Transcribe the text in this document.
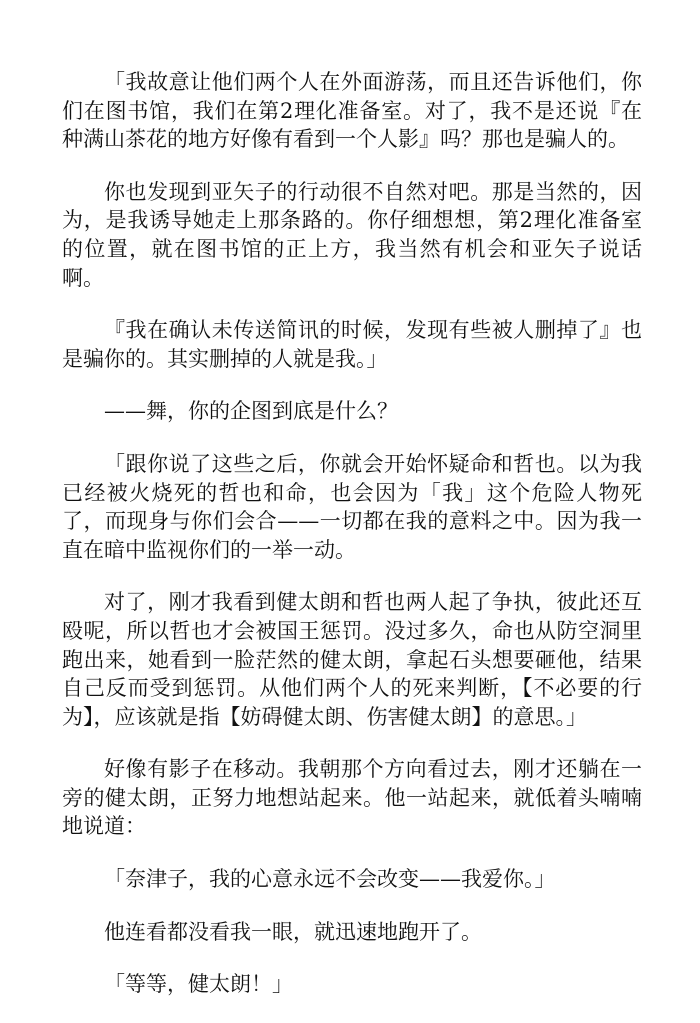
「我故意让他们两个人在外面游荡，而且还告诉他们，你们在图书馆，我们在第2理化准备室。对了，我不是还说『在种满山茶花的地方好像有看到一个人影』吗？那也是骗人的。

你也发现到亚矢子的行动很不自然对吧。那是当然的，因为，是我诱导她走上那条路的。你仔细想想，第2理化准备室的位置，就在图书馆的正上方，我当然有机会和亚矢子说话啊。

『我在确认未传送简讯的时候，发现有些被人删掉了』也是骗你的。其实删掉的人就是我。」

——舞，你的企图到底是什么？

「跟你说了这些之后，你就会开始怀疑命和哲也。以为我已经被火烧死的哲也和命，也会因为「我」这个危险人物死了，而现身与你们会合——一切都在我的意料之中。因为我一直在暗中监视你们的一举一动。

对了，刚才我看到健太朗和哲也两人起了争执，彼此还互殴呢，所以哲也才会被国王惩罚。没过多久，命也从防空洞里跑出来，她看到一脸茫然的健太朗，拿起石头想要砸他，结果自己反而受到惩罚。从他们两个人的死来判断，【不必要的行为】，应该就是指【妨碍健太朗、伤害健太朗】的意思。」

好像有影子在移动。我朝那个方向看过去，刚才还躺在一旁的健太朗，正努力地想站起来。他一站起来，就低着头喃喃地说道：

「奈津子，我的心意永远不会改变——我爱你。」

他连看都没看我一眼，就迅速地跑开了。

「等等，健太朗！」
